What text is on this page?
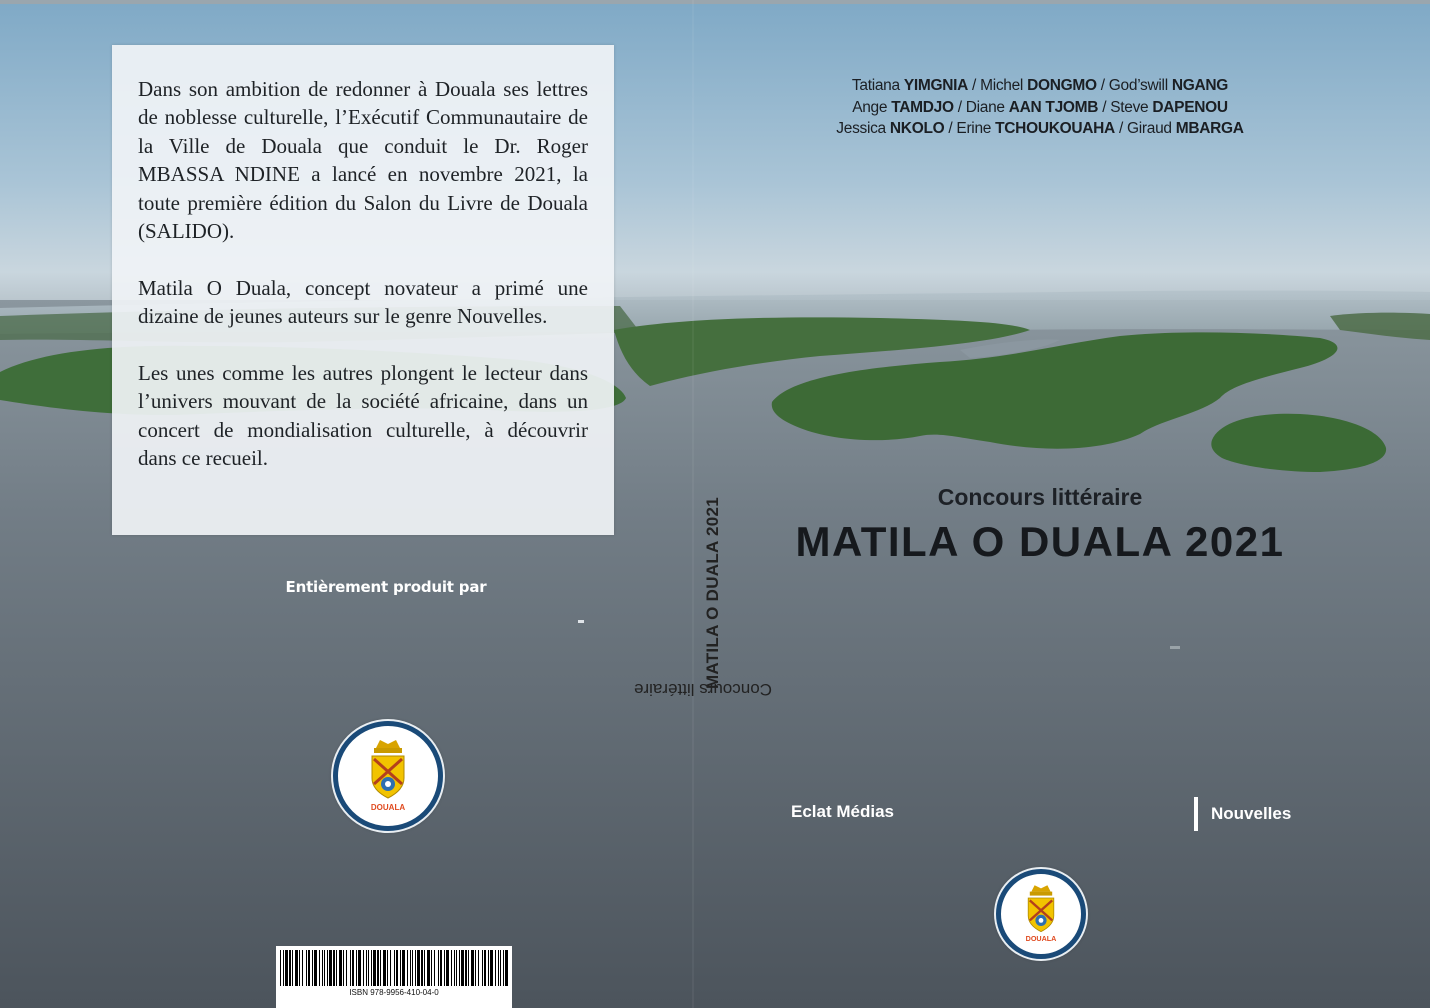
Dans son ambition de redonner à Douala ses lettres de noblesse culturelle, l’Exécutif Communautaire de la Ville de Douala que conduit le Dr. Roger MBASSA NDINE a lancé en novembre 2021, la toute première édition du Salon du Livre de Douala (SALIDO).

Matila O Duala, concept novateur a primé une dizaine de jeunes auteurs sur le genre Nouvelles.

Les unes comme les autres plongent le lecteur dans l’univers mouvant de la société africaine, dans un concert de mondialisation culturelle, à découvrir dans ce recueil.

Entièrement produit par
DOUALA
ISBN 978-9956-410-04-0
Concours littéraire
MATILA O DUALA 2021
Tatiana YIMGNIA / Michel DONGMO / God’swill NGANG
Ange TAMDJO / Diane AAN TJOMB / Steve DAPENOU
Jessica NKOLO / Erine TCHOUKOUAHA / Giraud MBARGA
Concours littéraire
MATILA O DUALA 2021
Eclat Médias	Nouvelles
DOUALA
